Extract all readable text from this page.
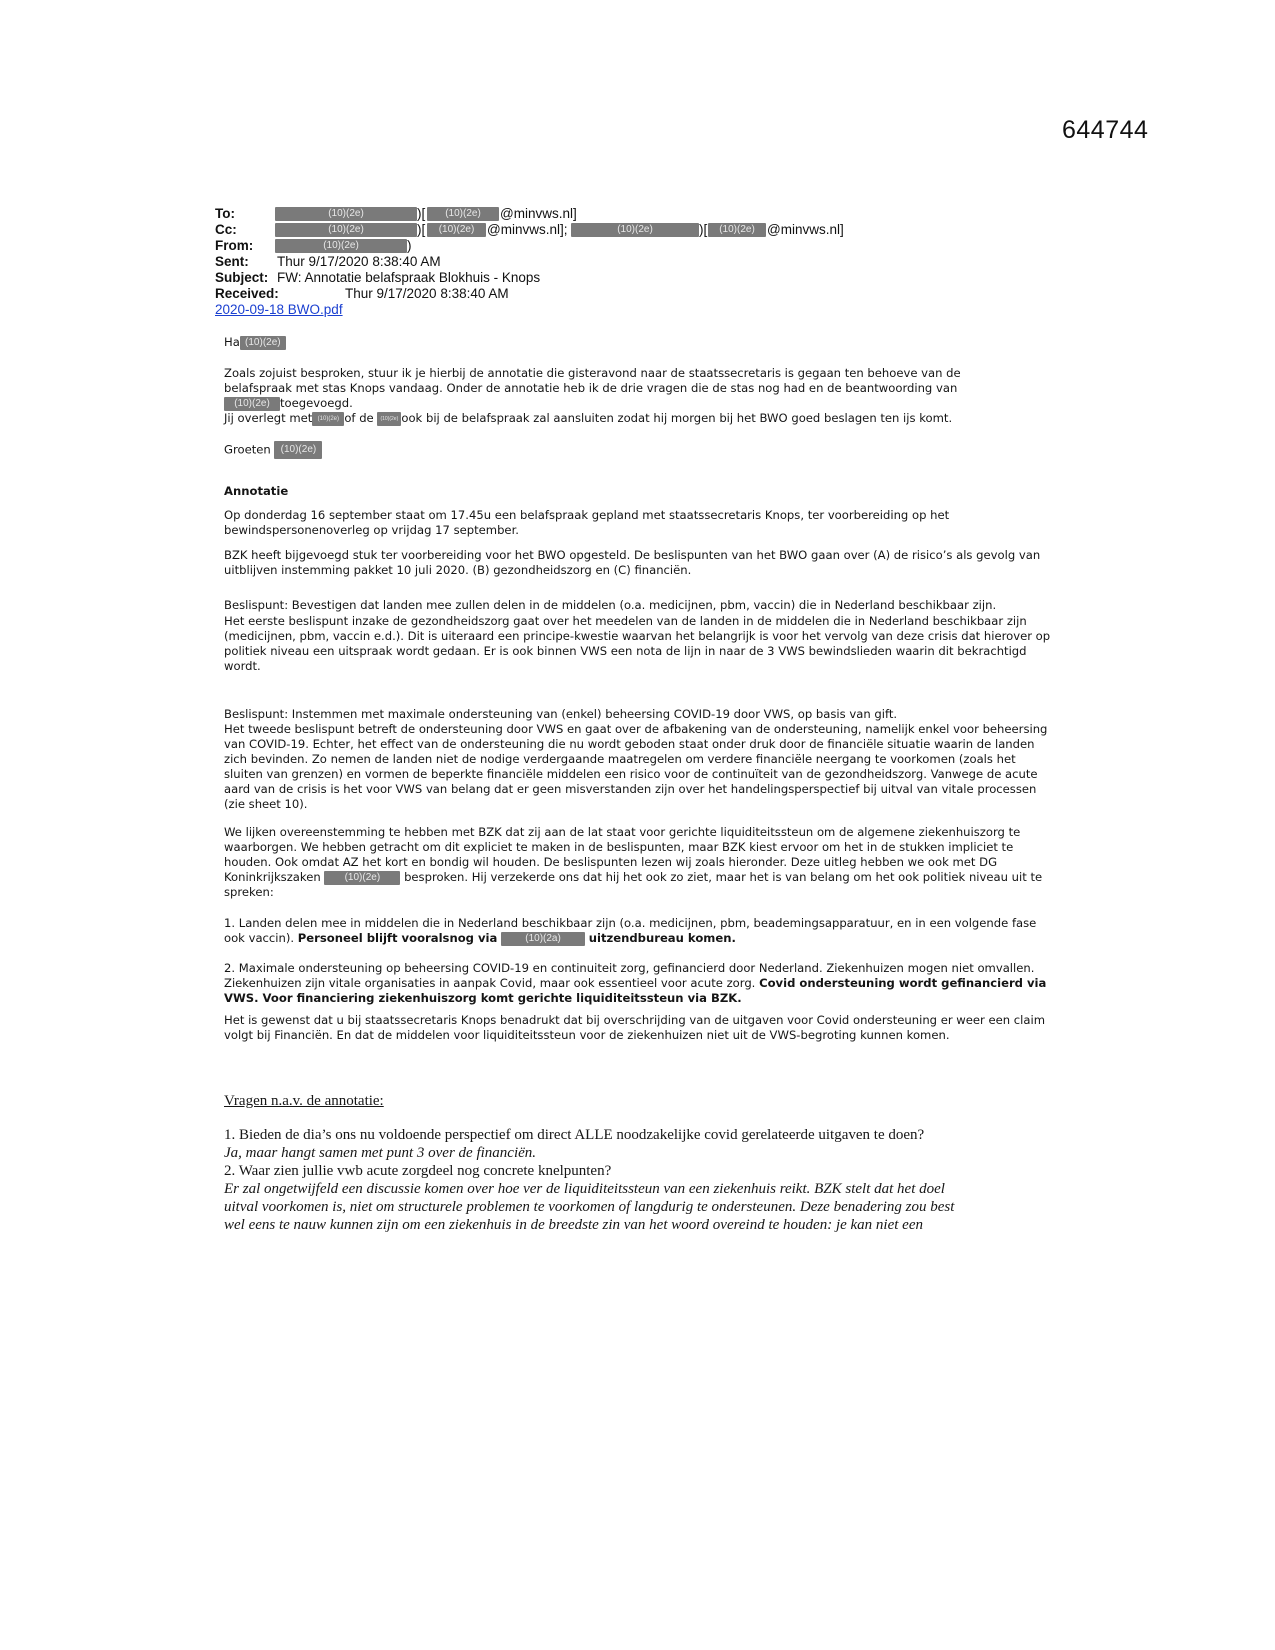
644744
To:	(10)(2e)	)[	(10)(2e)	@minvws.nl]
Cc:	(10)(2e)	)[	(10)(2e) @minvws.nl];	(10)(2e)	)[	(10)(2e) @minvws.nl]
From:	(10)(2e)	)
Sent: Thur 9/17/2020 8:38:40 AM
Subject: FW: Annotatie belafspraak Blokhuis - Knops
Received:	Thur 9/17/2020 8:38:40 AM
2020-09-18 BWO.pdf
Ha (10)(2e)

Zoals zojuist besproken, stuur ik je hierbij de annotatie die gisteravond naar de staatssecretaris is gegaan ten behoeve van de

belafspraak met stas Knops vandaag. Onder de annotatie heb ik de drie vragen die de stas nog had en de beantwoording van

(10)(2e) toegevoegd.

Jij overlegt met (10)(2e) of de (10)(2e) ook bij de belafspraak zal aansluiten zodat hij morgen bij het BWO goed beslagen ten ijs komt.

Groeten (10)(2e)
Annotatie
Op donderdag 16 september staat om 17.45u een belafspraak gepland met staatssecretaris Knops, ter voorbereiding op het bewindspersonenoverleg op vrijdag 17 september.
BZK heeft bijgevoegd stuk ter voorbereiding voor het BWO opgesteld. De beslispunten van het BWO gaan over (A) de risico’s als gevolg van uitblijven instemming pakket 10 juli 2020. (B) gezondheidszorg en (C) financiën.

Beslispunt: Bevestigen dat landen mee zullen delen in de middelen (o.a. medicijnen, pbm, vaccin) die in Nederland beschikbaar zijn.

Het eerste beslispunt inzake de gezondheidszorg gaat over het meedelen van de landen in de middelen die in Nederland beschikbaar zijn (medicijnen, pbm, vaccin e.d.). Dit is uiteraard een principe-kwestie waarvan het belangrijk is voor het vervolg van deze crisis dat hierover op politiek niveau een uitspraak wordt gedaan. Er is ook binnen VWS een nota de lijn in naar de 3 VWS bewindslieden waarin dit bekrachtigd wordt.

Beslispunt: Instemmen met maximale ondersteuning van (enkel) beheersing COVID-19 door VWS, op basis van gift.

Het tweede beslispunt betreft de ondersteuning door VWS en gaat over de afbakening van de ondersteuning, namelijk enkel voor beheersing van COVID-19. Echter, het effect van de ondersteuning die nu wordt geboden staat onder druk door de financiële situatie waarin de landen zich bevinden. Zo nemen de landen niet de nodige verdergaande maatregelen om verdere financiële neergang te voorkomen (zoals het sluiten van grenzen) en vormen de beperkte financiële middelen een risico voor de continuïteit van de gezondheidszorg. Vanwege de acute aard van de crisis is het voor VWS van belang dat er geen misverstanden zijn over het handelingsperspectief bij uitval van vitale processen (zie sheet 10).

We lijken overeenstemming te hebben met BZK dat zij aan de lat staat voor gerichte liquiditeitssteun om de algemene ziekenhuiszorg te waarborgen. We hebben getracht om dit expliciet te maken in de beslispunten, maar BZK kiest ervoor om het in de stukken impliciet te houden. Ook omdat AZ het kort en bondig wil houden. De beslispunten lezen wij zoals hieronder. Deze uitleg hebben we ook met DG Koninkrijkszaken (10)(2e) besproken. Hij verzekerde ons dat hij het ook zo ziet, maar het is van belang om het ook politiek niveau uit te spreken:
1. Landen delen mee in middelen die in Nederland beschikbaar zijn (o.a. medicijnen, pbm, beademingsapparatuur, en in een volgende fase ook vaccin). Personeel blijft vooralsnog via	(10)(2a) uitzendbureau komen.
2. Maximale ondersteuning op beheersing COVID-19 en continuiteit zorg, gefinancierd door Nederland. Ziekenhuizen mogen niet omvallen. Ziekenhuizen zijn vitale organisaties in aanpak Covid, maar ook essentieel voor acute zorg. Covid ondersteuning wordt gefinancierd via VWS. Voor financiering ziekenhuiszorg komt gerichte liquiditeitssteun via BZK.
Het is gewenst dat u bij staatssecretaris Knops benadrukt dat bij overschrijding van de uitgaven voor Covid ondersteuning er weer een claim volgt bij Financiën. En dat de middelen voor liquiditeitssteun voor de ziekenhuizen niet uit de VWS-begroting kunnen komen.
Vragen n.a.v. de annotatie:

1. Bieden de dia’s ons nu voldoende perspectief om direct ALLE noodzakelijke covid gerelateerde uitgaven te doen?

Ja, maar hangt samen met punt 3 over de financiën.

2. Waar zien jullie vwb acute zorgdeel nog concrete knelpunten?

Er zal ongetwijfeld een discussie komen over hoe ver de liquiditeitssteun van een ziekenhuis reikt. BZK stelt dat het doel

uitval voorkomen is, niet om structurele problemen te voorkomen of langdurig te ondersteunen. Deze benadering zou best

wel eens te nauw kunnen zijn om een ziekenhuis in de breedste zin van het woord overeind te houden: je kan niet een
